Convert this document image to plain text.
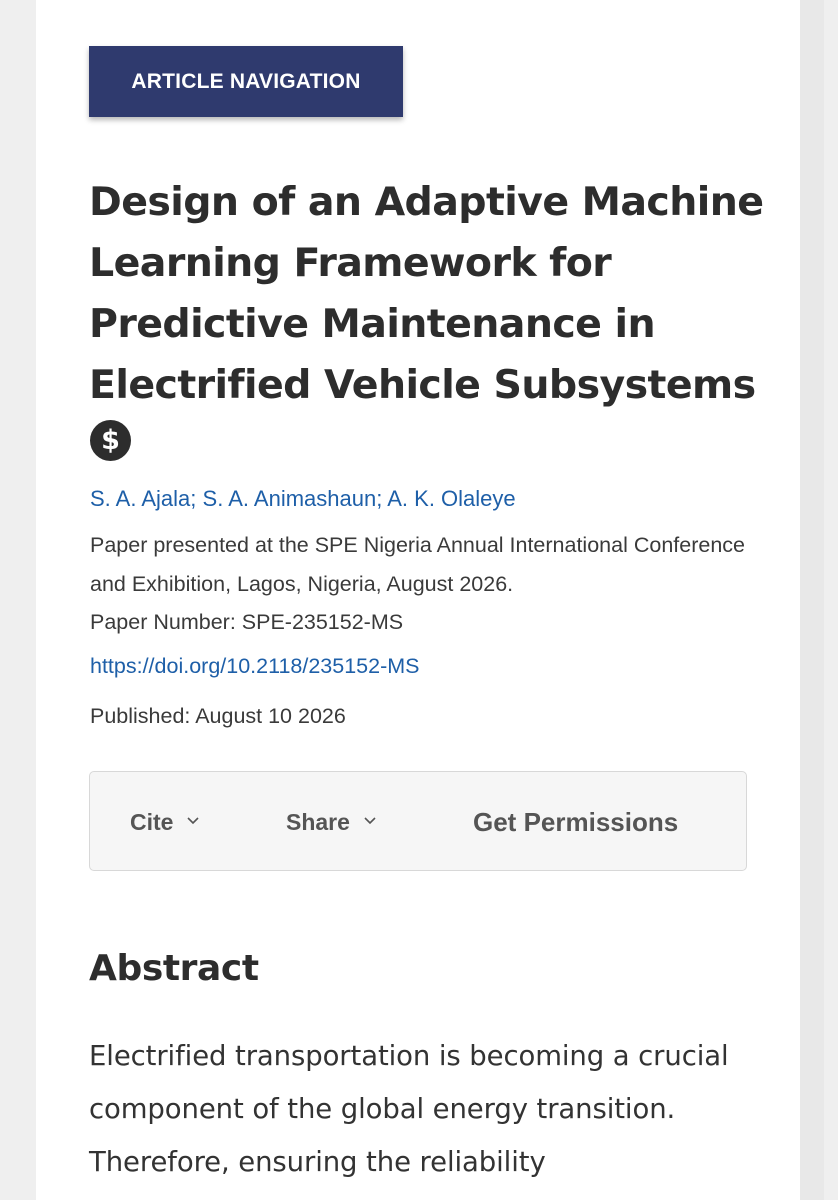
ARTICLE NAVIGATION
Design of an Adaptive Machine Learning Framework for Predictive Maintenance in Electrified Vehicle Subsystems
$
S. A. Ajala; S. A. Animashaun; A. K. Olaleye

Paper presented at the SPE Nigeria Annual International Conference and Exhibition, Lagos, Nigeria, August 2026.

Paper Number: SPE-235152-MS

https://doi.org/10.2118/235152-MS
Published: August 10 2026
Cite	Share	Get Permissions
Abstract

Electrified transportation is becoming a crucial component of the global energy transition. Therefore, ensuring the reliability
